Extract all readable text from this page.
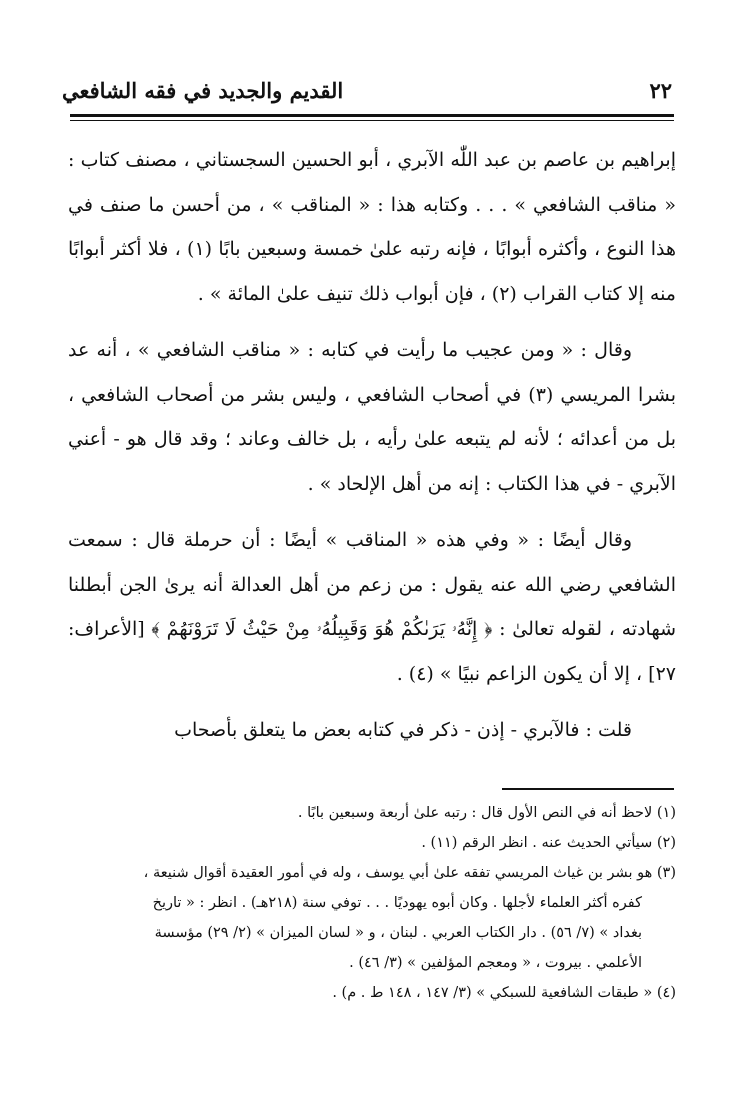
٢٢
القديم والجديد في فقه الشافعي

إبراهيم بن عاصم بن عبد اللّٰه الآبري ، أبو الحسين السجستاني ، مصنف كتاب : « مناقب الشافعي » . . . وكتابه هذا : « المناقب » ، من أحسن ما صنف في هذا النوع ، وأكثره أبوابًا ، فإنه رتبه علىٰ خمسة وسبعين بابًا (١) ، فلا أكثر أبوابًا منه إلا كتاب القراب (٢) ، فإن أبواب ذلك تنيف علىٰ المائة » .

وقال : « ومن عجيب ما رأيت في كتابه : « مناقب الشافعي » ، أنه عد بشرا المريسي (٣) في أصحاب الشافعي ، وليس بشر من أصحاب الشافعي ، بل من أعدائه ؛ لأنه لم يتبعه علىٰ رأيه ، بل خالف وعاند ؛ وقد قال هو - أعني الآبري - في هذا الكتاب : إنه من أهل الإلحاد » .

وقال أيضًا : « وفي هذه « المناقب » أيضًا : أن حرملة قال : سمعت الشافعي رضي الله عنه يقول : من زعم من أهل العدالة أنه يرىٰ الجن أبطلنا شهادته ، لقوله تعالىٰ : ﴿ إِنَّهُۥ يَرَىٰكُمْ هُوَ وَقَبِيلُهُۥ مِنْ حَيْثُ لَا تَرَوْنَهُمْ ﴾ [الأعراف: ٢٧] ، إلا أن يكون الزاعم نبيًا » (٤) .

قلت : فالآبري - إذن - ذكر في كتابه بعض ما يتعلق بأصحاب

(١) لاحظ أنه في النص الأول قال : رتبه علىٰ أربعة وسبعين بابًا .

(٢) سيأتي الحديث عنه . انظر الرقم (١١) .

(٣) هو بشر بن غياث المريسي تفقه علىٰ أبي يوسف ، وله في أمور العقيدة أقوال شنيعة ،

كفره أكثر العلماء لأجلها . وكان أبوه يهوديًا . . . توفي سنة (٢١٨هـ) . انظر : « تاريخ

بغداد » (٧/ ٥٦) . دار الكتاب العربي . لبنان ، و « لسان الميزان » (٢/ ٢٩) مؤسسة

الأعلمي . بيروت ، « ومعجم المؤلفين » (٣/ ٤٦) .

(٤) « طبقات الشافعية للسبكي » (٣/ ١٤٧ ، ١٤٨ ط . م) .
